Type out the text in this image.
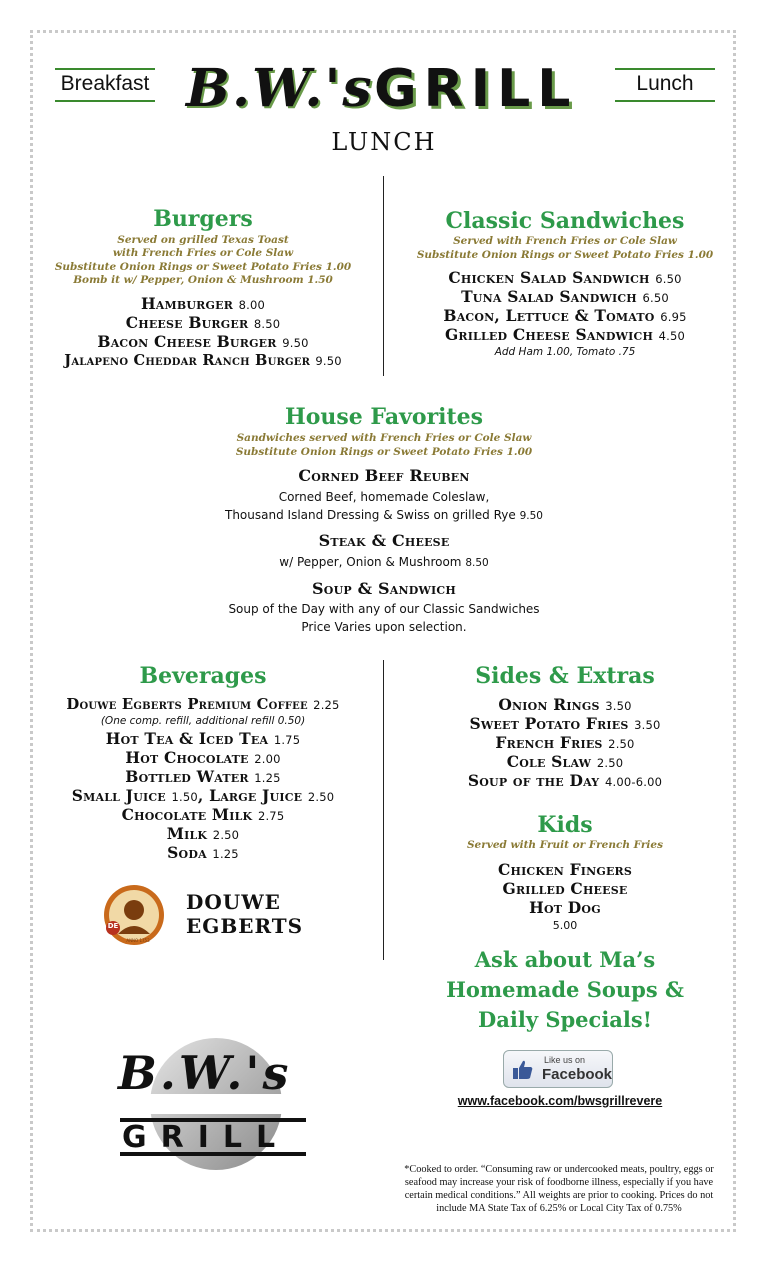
Breakfast	Lunch
B.W.'s GRILL
LUNCH
Burgers
Served on grilled Texas Toast
with French Fries or Cole Slaw
Substitute Onion Rings or Sweet Potato Fries 1.00
Bomb it w/ Pepper, Onion & Mushroom 1.50
Hamburger 8.00
Cheese Burger 8.50
Bacon Cheese Burger 9.50
Jalapeno Cheddar Ranch Burger 9.50
Classic Sandwiches
Served with French Fries or Cole Slaw
Substitute Onion Rings or Sweet Potato Fries 1.00
Chicken Salad Sandwich 6.50
Tuna Salad Sandwich 6.50
Bacon, Lettuce & Tomato 6.95
Grilled Cheese Sandwich 4.50
Add Ham 1.00, Tomato .75
House Favorites
Sandwiches served with French Fries or Cole Slaw
Substitute Onion Rings or Sweet Potato Fries 1.00
Corned Beef Reuben
Corned Beef, homemade Coleslaw,
Thousand Island Dressing & Swiss on grilled Rye 9.50
Steak & Cheese
w/ Pepper, Onion & Mushroom 8.50
Soup & Sandwich
Soup of the Day with any of our Classic Sandwiches
Price Varies upon selection.
Beverages
Douwe Egberts Premium Coffee 2.25
(One comp. refill, additional refill 0.50)
Hot Tea & Iced Tea 1.75
Hot Chocolate 2.00
Bottled Water 1.25
Small Juice 1.50, Large Juice 2.50
Chocolate Milk 2.75
Milk 2.50
Soda 1.25
DE
ANNO 1753
DOUWE
EGBERTS
Sides & Extras
Onion Rings 3.50
Sweet Potato Fries 3.50
French Fries 2.50
Cole Slaw 2.50
Soup of the Day 4.00-6.00
Kids
Served with Fruit or French Fries
Chicken Fingers
Grilled Cheese
Hot Dog
5.00
Ask about Ma’s
Homemade Soups &
Daily Specials!
Like us on
Facebook
www.facebook.com/bwsgrillrevere
B.W.'s
GRILL
*Cooked to order. “Consuming raw or undercooked meats, poultry, eggs or seafood may increase your risk of foodborne illness, especially if you have certain medical conditions.” All weights are prior to cooking. Prices do not include MA State Tax of 6.25% or Local City Tax of 0.75%
